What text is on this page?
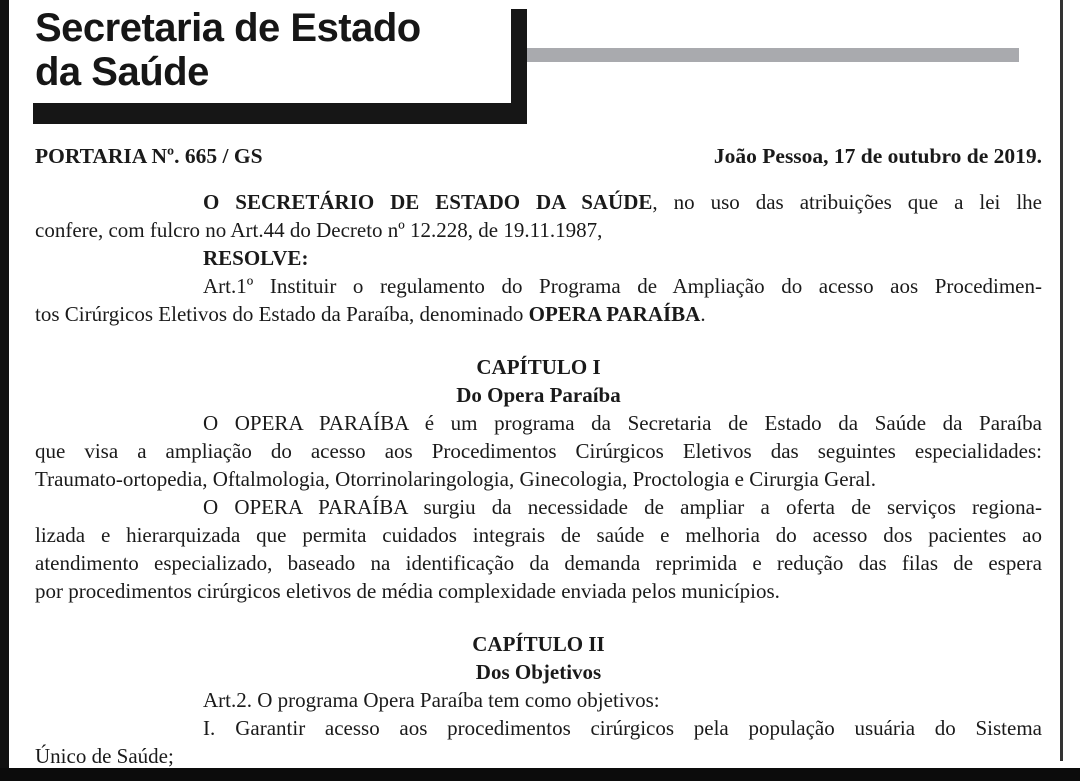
Secretaria de Estado
da Saúde
PORTARIA Nº. 665 / GS	João Pessoa, 17 de outubro de 2019.
O SECRETÁRIO DE ESTADO DA SAÚDE, no uso das atribuições que a lei lhe
confere, com fulcro no Art.44 do Decreto nº 12.228, de 19.11.1987,
RESOLVE:
Art.1º Instituir o regulamento do Programa de Ampliação do acesso aos Procedimen-
tos Cirúrgicos Eletivos do Estado da Paraíba, denominado OPERA PARAÍBA.
CAPÍTULO I
Do Opera Paraíba
O OPERA PARAÍBA é um programa da Secretaria de Estado da Saúde da Paraíba
que visa a ampliação do acesso aos Procedimentos Cirúrgicos Eletivos das seguintes especialidades:
Traumato-ortopedia, Oftalmologia, Otorrinolaringologia, Ginecologia, Proctologia e Cirurgia Geral.
O OPERA PARAÍBA surgiu da necessidade de ampliar a oferta de serviços regiona-
lizada e hierarquizada que permita cuidados integrais de saúde e melhoria do acesso dos pacientes ao
atendimento especializado, baseado na identificação da demanda reprimida e redução das filas de espera
por procedimentos cirúrgicos eletivos de média complexidade enviada pelos municípios.
CAPÍTULO II
Dos Objetivos
Art.2. O programa Opera Paraíba tem como objetivos:
I. Garantir acesso aos procedimentos cirúrgicos pela população usuária do Sistema
Único de Saúde;
